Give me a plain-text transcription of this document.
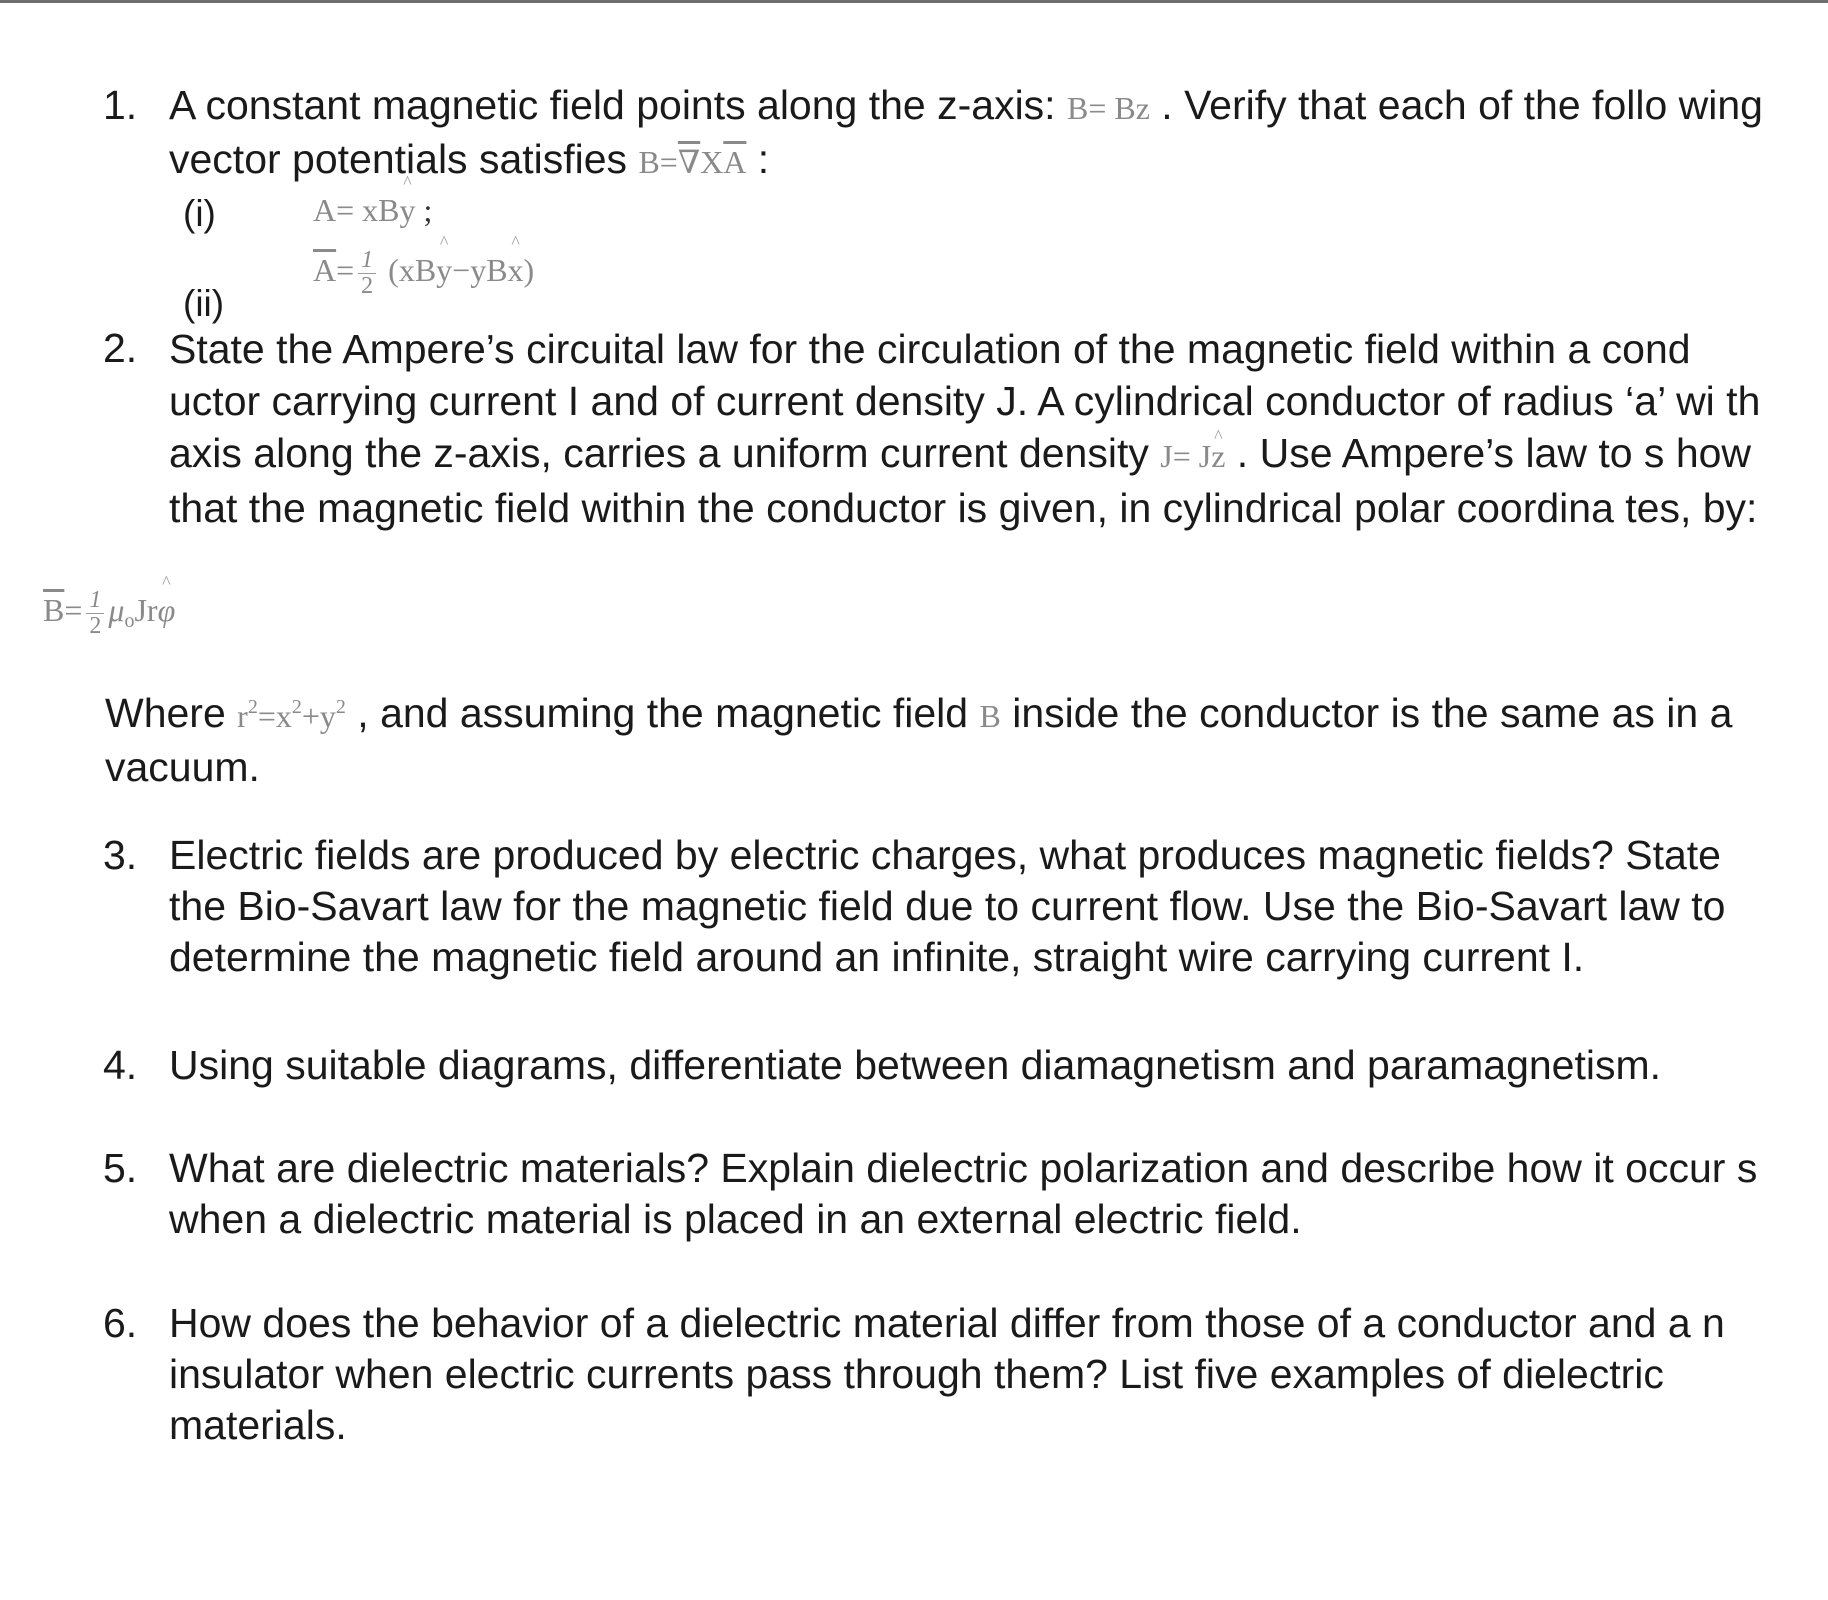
1. A constant magnetic field points along the z-axis: B= Bz . Verify that each of the follo wing vector potentials satisfies $B=\nabla X\overline{A}$ :
(i)	A= xB^ y ;
(ii)
$\overline{A}= \frac{1}{2}$ (xB^ y−yB^ x)
2. State the Ampere’s circuital law for the circulation of the magnetic field within a cond uctor carrying current I and of current density J. A cylindrical conductor of radius ‘a’ wi th axis along the z-axis, carries a uniform current density J= J^ z . Use Ampere’s law to s how that the magnetic field within the conductor is given, in cylindrical polar coordina tes, by:
$\overline{B}= \frac{1}{2}$ $\mu_oJr\^{}$ φ
Where $r^2=x^2+y^2$ , and assuming the magnetic field B inside the conductor is the same as in a vacuum.
3. Electric fields are produced by electric charges, what produces magnetic fields? State the Bio-Savart law for the magnetic field due to current flow. Use the Bio-Savart law to determine the magnetic field around an infinite, straight wire carrying current I.
4. Using suitable diagrams, differentiate between diamagnetism and paramagnetism.
5. What are dielectric materials? Explain dielectric polarization and describe how it occur s when a dielectric material is placed in an external electric field.
6. How does the behavior of a dielectric material differ from those of a conductor and a n insulator when electric currents pass through them? List five examples of dielectric materials.
